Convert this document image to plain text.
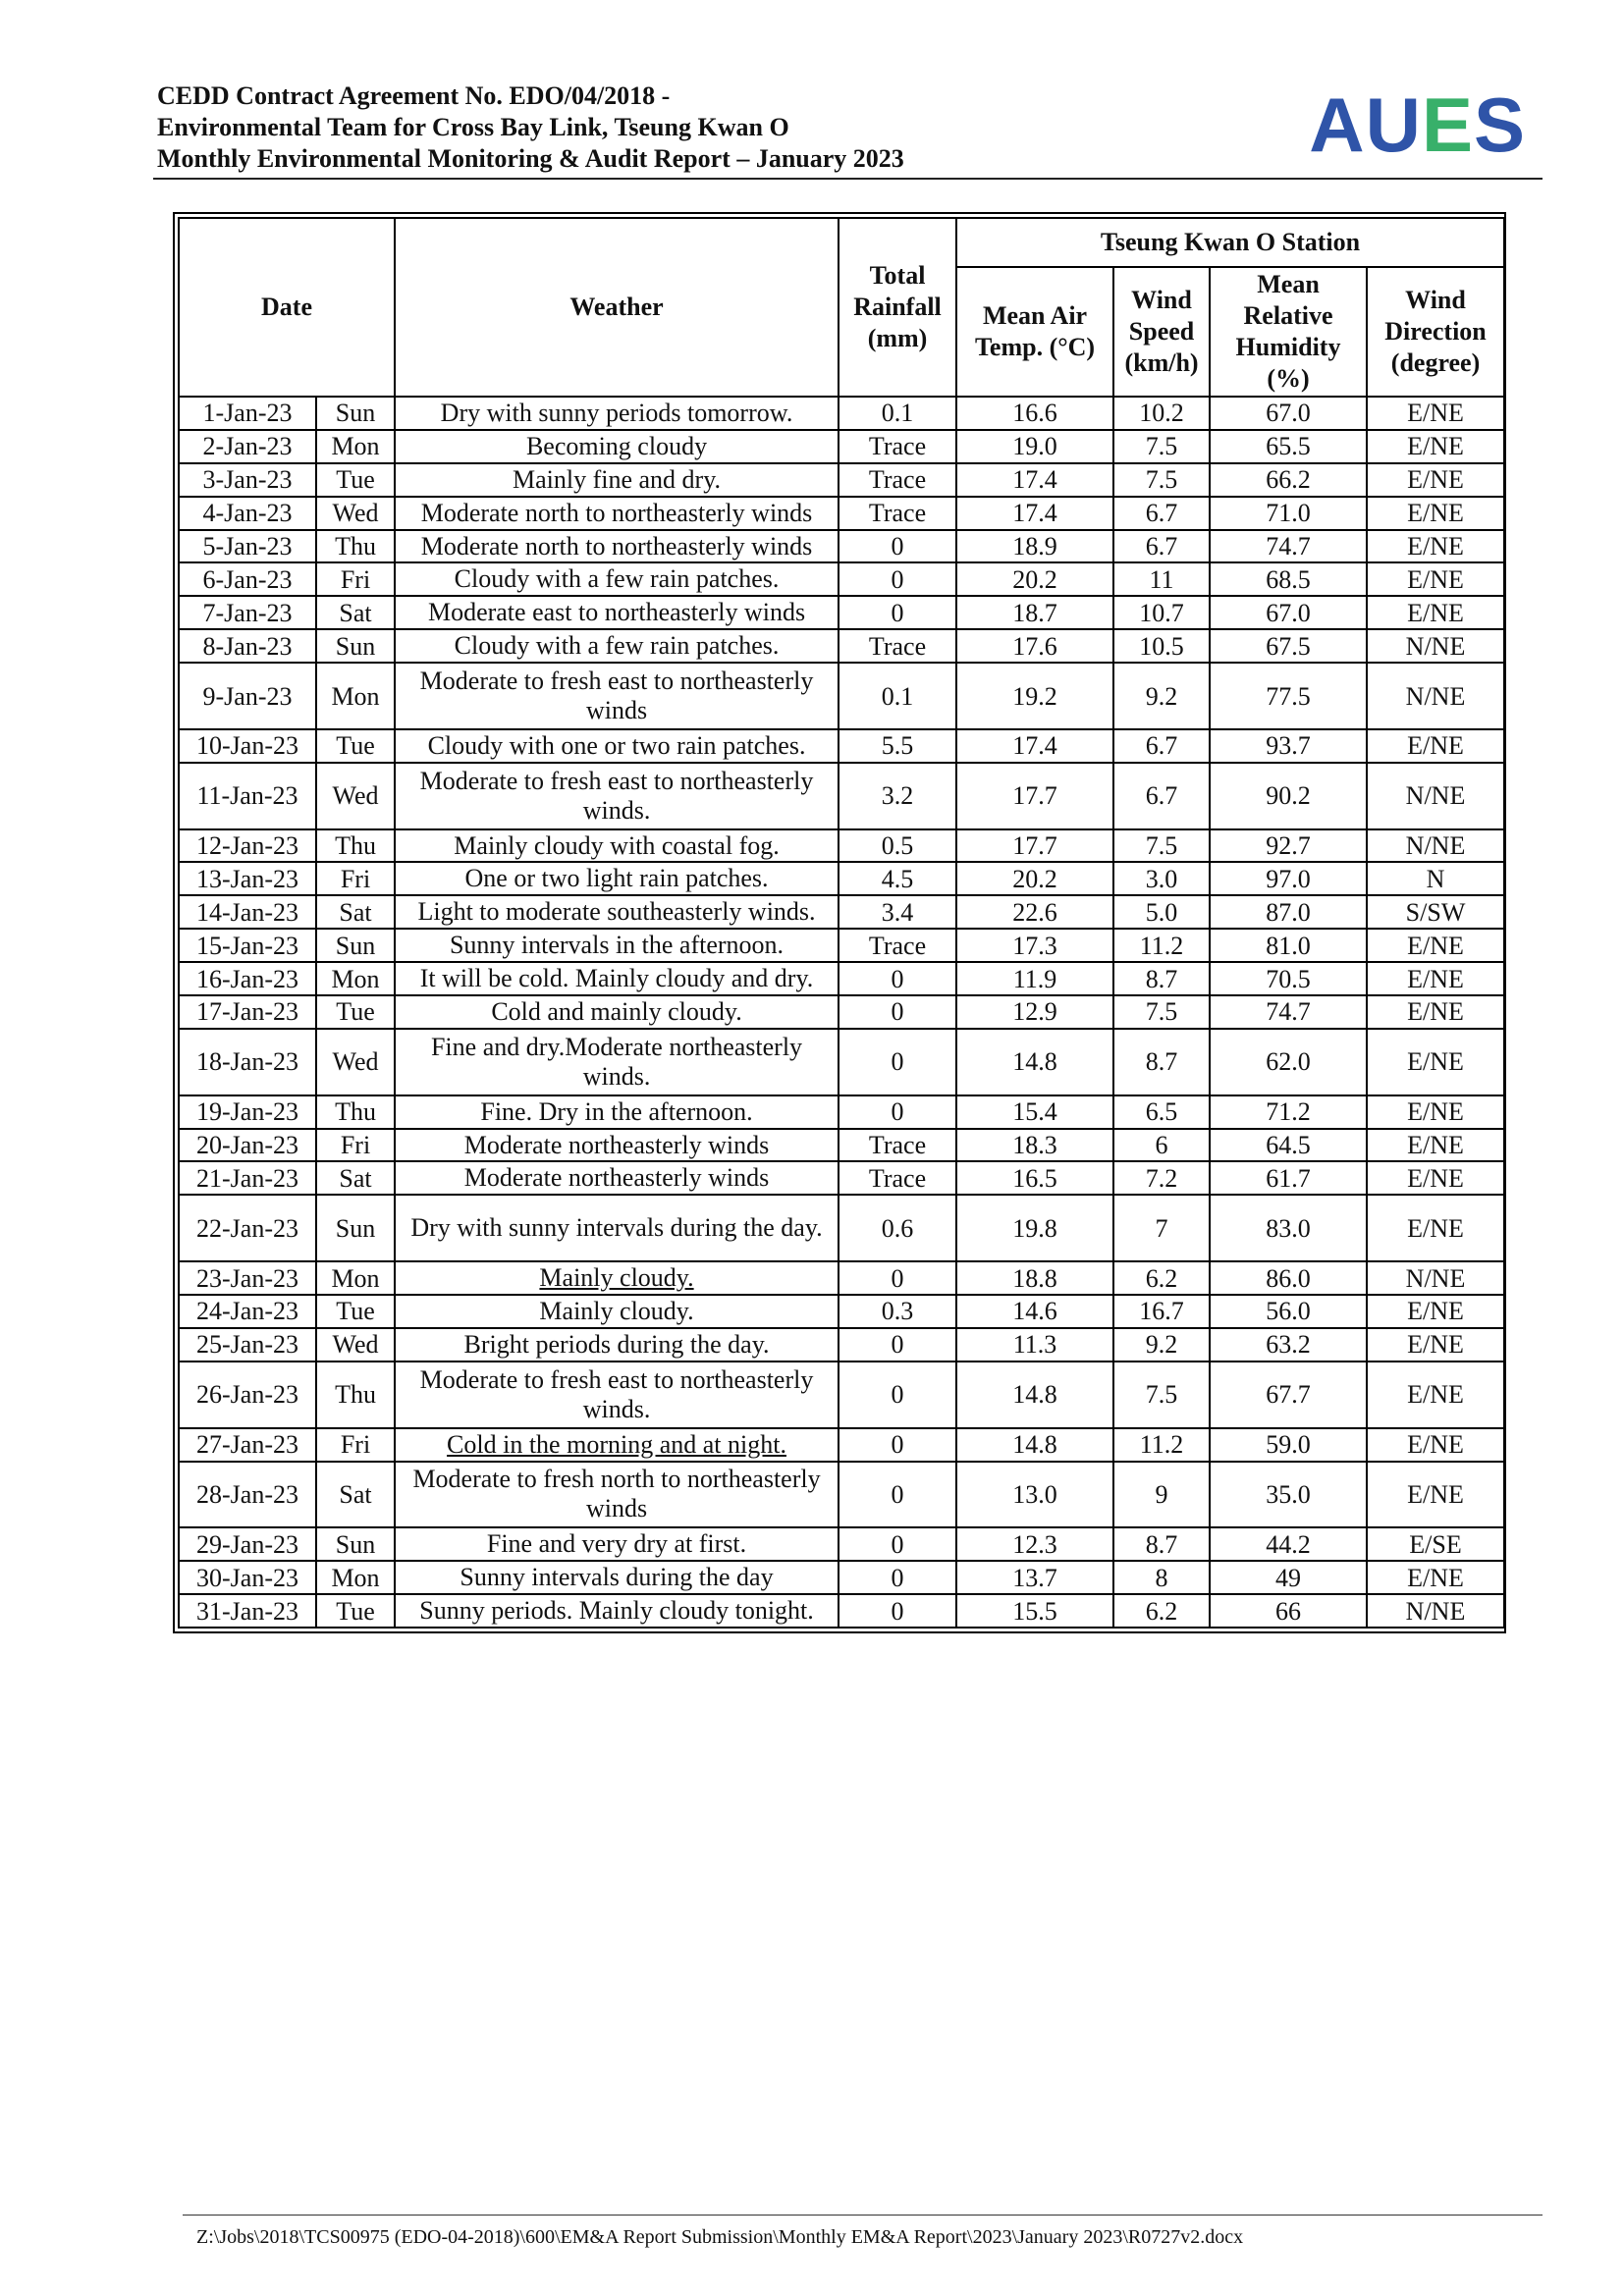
CEDD Contract Agreement No. EDO/04/2018 -
Environmental Team for Cross Bay Link, Tseung Kwan O
Monthly Environmental Monitoring & Audit Report – January 2023	AUES
Date		Weather	Total Rainfall (mm)	Tseung Kwan O Station			
				Mean Air Temp. (°C)	Wind Speed (km/h)	Mean Relative Humidity (%)	Wind Direction (degree)
1-Jan-23	Sun	Dry with sunny periods tomorrow.	0.1	16.6	10.2	67.0	E/NE
2-Jan-23	Mon	Becoming cloudy	Trace	19.0	7.5	65.5	E/NE
3-Jan-23	Tue	Mainly fine and dry.	Trace	17.4	7.5	66.2	E/NE
4-Jan-23	Wed	Moderate north to northeasterly winds	Trace	17.4	6.7	71.0	E/NE
5-Jan-23	Thu	Moderate north to northeasterly winds	0	18.9	6.7	74.7	E/NE
6-Jan-23	Fri	Cloudy with a few rain patches.	0	20.2	11	68.5	E/NE
7-Jan-23	Sat	Moderate east to northeasterly winds	0	18.7	10.7	67.0	E/NE
8-Jan-23	Sun	Cloudy with a few rain patches.	Trace	17.6	10.5	67.5	N/NE
9-Jan-23	Mon	Moderate to fresh east to northeasterly winds	0.1	19.2	9.2	77.5	N/NE
10-Jan-23	Tue	Cloudy with one or two rain patches.	5.5	17.4	6.7	93.7	E/NE
11-Jan-23	Wed	Moderate to fresh east to northeasterly winds.	3.2	17.7	6.7	90.2	N/NE
12-Jan-23	Thu	Mainly cloudy with coastal fog.	0.5	17.7	7.5	92.7	N/NE
13-Jan-23	Fri	One or two light rain patches.	4.5	20.2	3.0	97.0	N
14-Jan-23	Sat	Light to moderate southeasterly winds.	3.4	22.6	5.0	87.0	S/SW
15-Jan-23	Sun	Sunny intervals in the afternoon.	Trace	17.3	11.2	81.0	E/NE
16-Jan-23	Mon	It will be cold. Mainly cloudy and dry.	0	11.9	8.7	70.5	E/NE
17-Jan-23	Tue	Cold and mainly cloudy.	0	12.9	7.5	74.7	E/NE
18-Jan-23	Wed	Fine and dry.Moderate northeasterly winds.	0	14.8	8.7	62.0	E/NE
19-Jan-23	Thu	Fine. Dry in the afternoon.	0	15.4	6.5	71.2	E/NE
20-Jan-23	Fri	Moderate northeasterly winds	Trace	18.3	6	64.5	E/NE
21-Jan-23	Sat	Moderate northeasterly winds	Trace	16.5	7.2	61.7	E/NE
22-Jan-23	Sun	Dry with sunny intervals during the day.	0.6	19.8	7	83.0	E/NE
23-Jan-23	Mon	Mainly cloudy.	0	18.8	6.2	86.0	N/NE
24-Jan-23	Tue	Mainly cloudy.	0.3	14.6	16.7	56.0	E/NE
25-Jan-23	Wed	Bright periods during the day.	0	11.3	9.2	63.2	E/NE
26-Jan-23	Thu	Moderate to fresh east to northeasterly winds.	0	14.8	7.5	67.7	E/NE
27-Jan-23	Fri	Cold in the morning and at night.	0	14.8	11.2	59.0	E/NE
28-Jan-23	Sat	Moderate to fresh north to northeasterly winds	0	13.0	9	35.0	E/NE
29-Jan-23	Sun	Fine and very dry at first.	0	12.3	8.7	44.2	E/SE
30-Jan-23	Mon	Sunny intervals during the day	0	13.7	8	49	E/NE
31-Jan-23	Tue	Sunny periods. Mainly cloudy tonight.	0	15.5	6.2	66	N/NE
Z:\Jobs\2018\TCS00975 (EDO-04-2018)\600\EM&A Report Submission\Monthly EM&A Report\2023\January 2023\R0727v2.docx
